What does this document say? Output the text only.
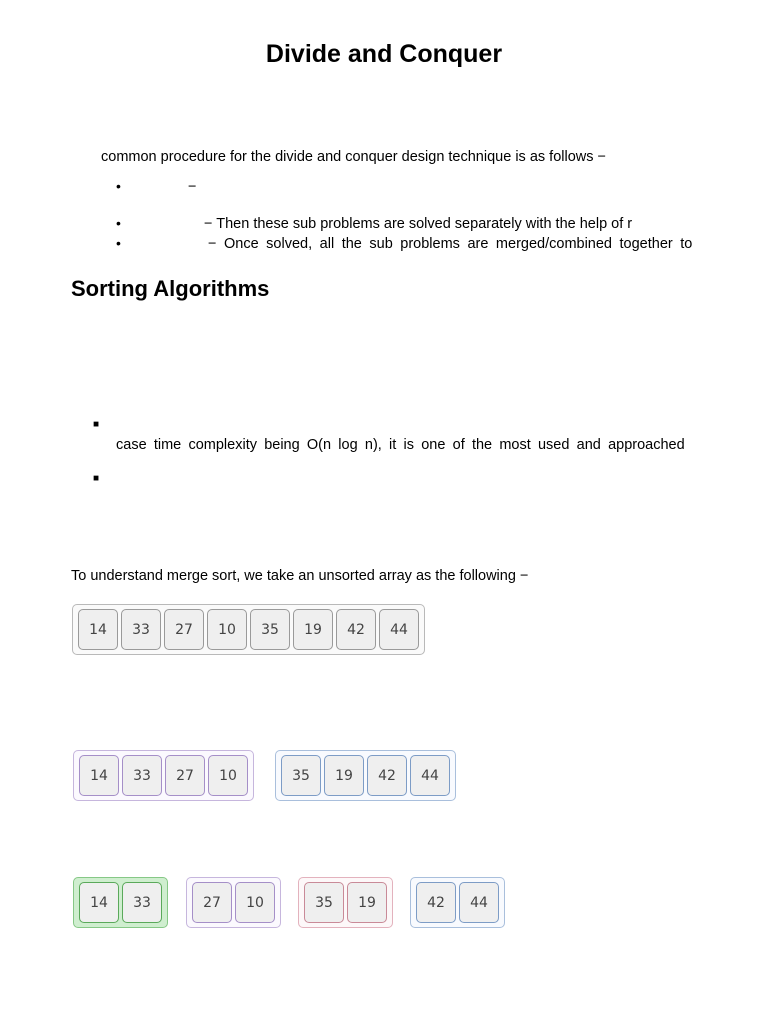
Divide and Conquer
common procedure for the divide and conquer design technique is as follows −
•	−
•	− Then these sub problems are solved separately with the help of r
•	− Once solved, all the sub problems are merged/combined together to
Sorting Algorithms
■
case time complexity being O(n log n), it is one of the most used and approached
■
To understand merge sort, we take an unsorted array as the following −
14	33	27	10	35	19	42	44
14	33	27	10	35	19	42	44
14	33	27	10	35	19	42	44
